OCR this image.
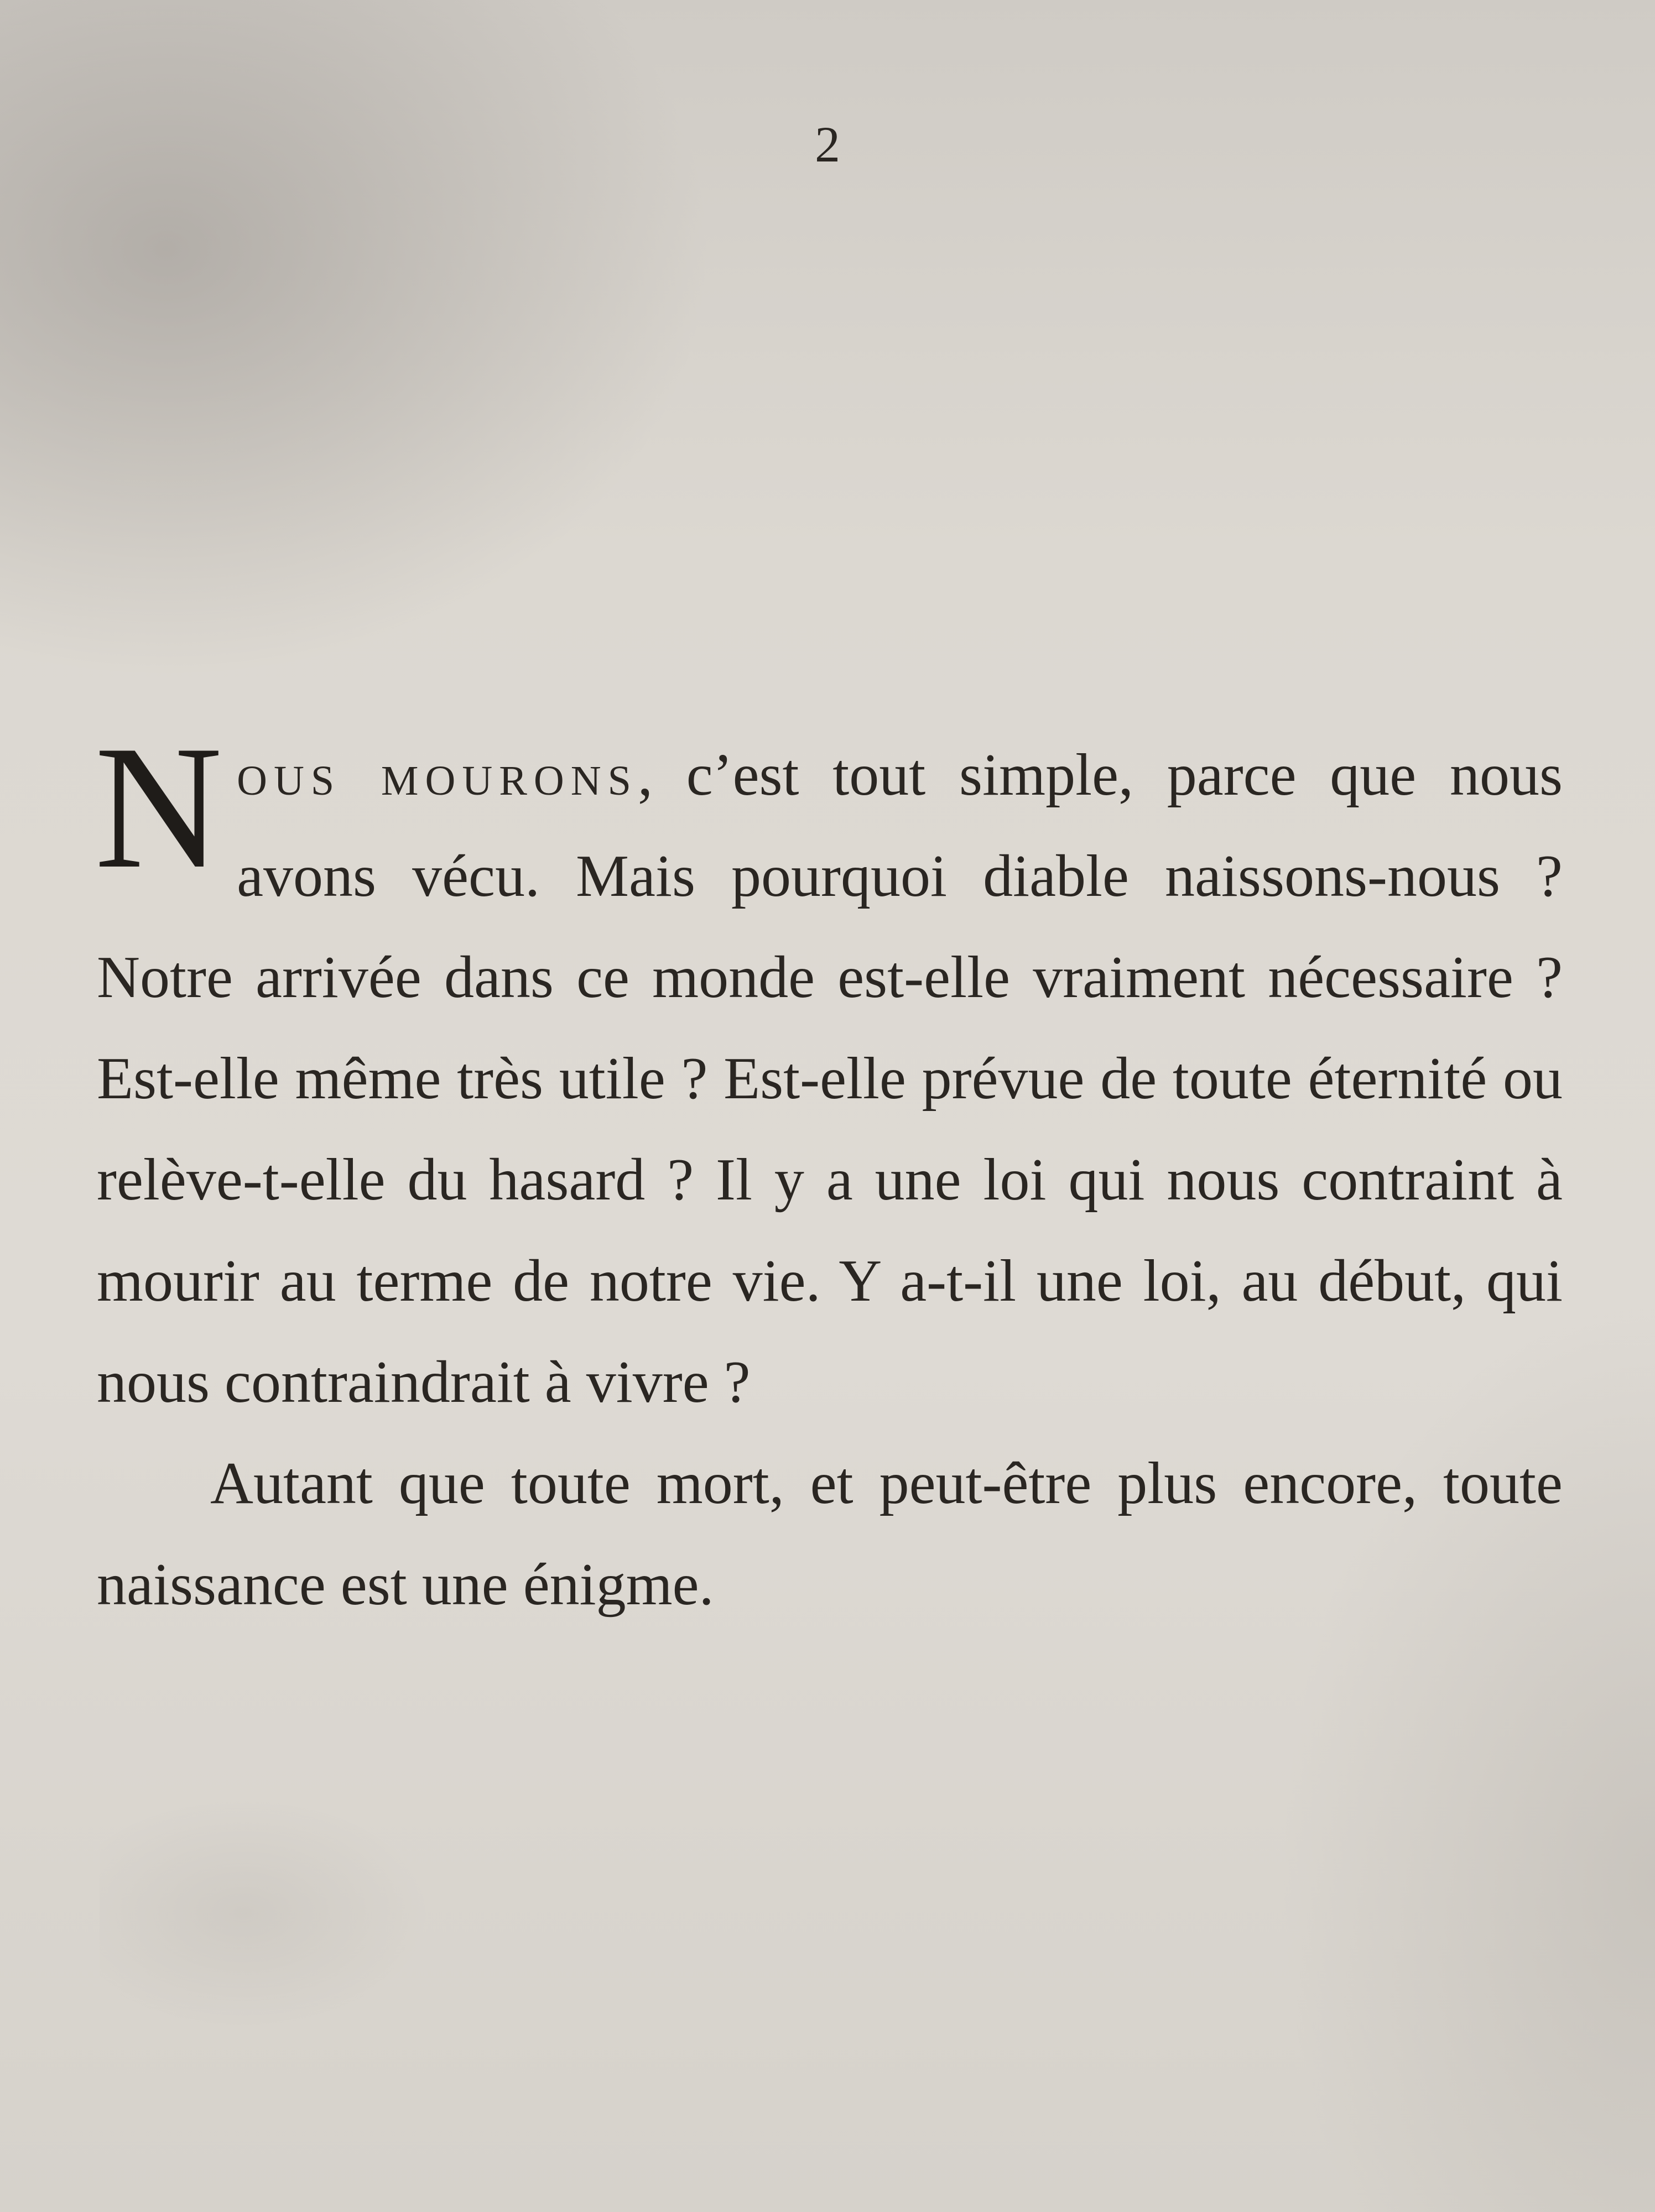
2

Nous mourons, c’est tout simple, parce que nous avons vécu. Mais pourquoi diable naissons-nous ? Notre arrivée dans ce monde est-elle vraiment nécessaire ? Est-elle même très utile ? Est-elle prévue de toute éternité ou relève-t-elle du hasard ? Il y a une loi qui nous contraint à mourir au terme de notre vie. Y a-t-il une loi, au début, qui nous contraindrait à vivre ?

Autant que toute mort, et peut-être plus encore, toute naissance est une énigme.
